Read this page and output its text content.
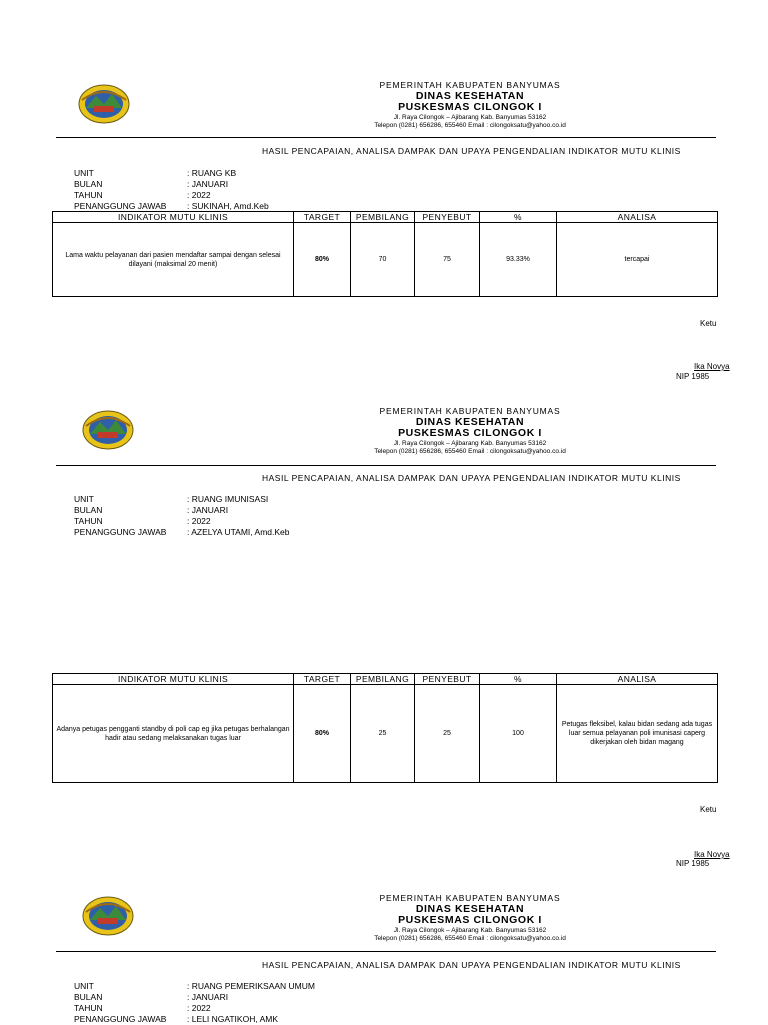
PEMERINTAH KABUPATEN BANYUMAS
DINAS KESEHATAN
PUSKESMAS CILONGOK I
Jl. Raya Cilongok – Ajibarang Kab. Banyumas 53162
Telepon (0281) 656286, 655460 Email : cilongoksatu@yahoo.co.id
HASIL PENCAPAIAN, ANALISA DAMPAK DAN UPAYA PENGENDALIAN INDIKATOR MUTU KLINIS
UNIT	: RUANG KB
BULAN	: JANUARI
TAHUN	: 2022
PENANGGUNG JAWAB : SUKINAH, Amd.Keb
INDIKATOR MUTU KLINIS	TARGET	PEMBILANG	PENYEBUT	%	ANALISA
Lama waktu pelayanan dari pasien mendaftar sampai dengan selesai dilayani (maksimal 20 menit)	80%	70	75	93.33%	tercapai
Ketu
Ika Novya
NIP 1985
PEMERINTAH KABUPATEN BANYUMAS
DINAS KESEHATAN
PUSKESMAS CILONGOK I
Jl. Raya Cilongok – Ajibarang Kab. Banyumas 53162
Telepon (0281) 656286, 655460 Email : cilongoksatu@yahoo.co.id
HASIL PENCAPAIAN, ANALISA DAMPAK DAN UPAYA PENGENDALIAN INDIKATOR MUTU KLINIS
UNIT	: RUANG IMUNISASI
BULAN	: JANUARI
TAHUN	: 2022
PENANGGUNG JAWAB : AZELYA UTAMI, Amd.Keb
INDIKATOR MUTU KLINIS	TARGET	PEMBILANG	PENYEBUT	%	ANALISA
Adanya petugas pengganti standby di poli cap eg jika petugas berhalangan hadir atau sedang melaksanakan tugas luar	80%	25	25	100	Petugas fleksibel, kalau bidan sedang ada tugas luar semua pelayanan poli imunisasi caperg dikerjakan oleh bidan magang
Ketu
Ika Novya
NIP 1985
PEMERINTAH KABUPATEN BANYUMAS
DINAS KESEHATAN
PUSKESMAS CILONGOK I
Jl. Raya Cilongok – Ajibarang Kab. Banyumas 53162
Telepon (0281) 656286, 655460 Email : cilongoksatu@yahoo.co.id
HASIL PENCAPAIAN, ANALISA DAMPAK DAN UPAYA PENGENDALIAN INDIKATOR MUTU KLINIS
UNIT	: RUANG PEMERIKSAAN UMUM
BULAN	: JANUARI
TAHUN	: 2022
PENANGGUNG JAWAB : LELI NGATIKOH, AMK
